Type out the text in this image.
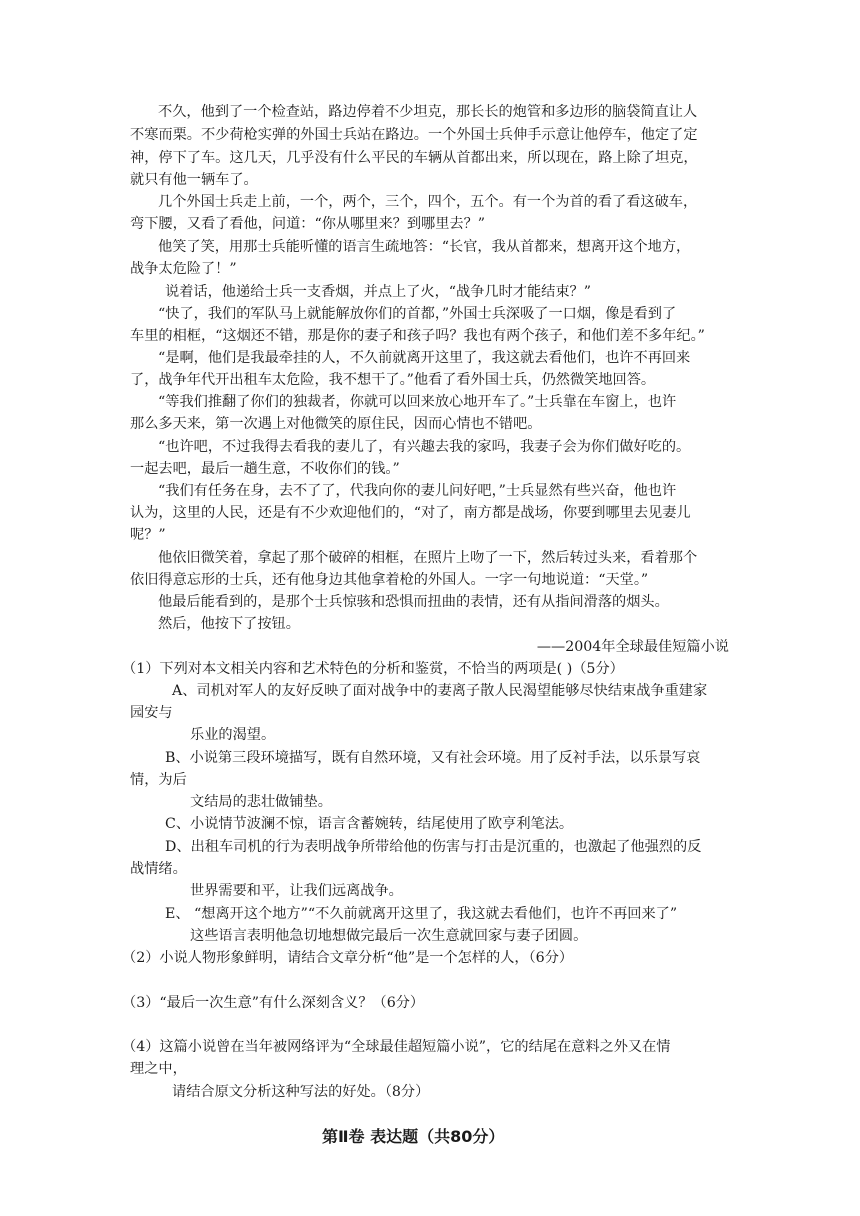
不久，他到了一个检查站，路边停着不少坦克，那长长的炮管和多边形的脑袋简直让人
不寒而栗。不少荷枪实弹的外国士兵站在路边。一个外国士兵伸手示意让他停车，他定了定
神，停下了车。这几天，几乎没有什么平民的车辆从首都出来，所以现在，路上除了坦克，
就只有他一辆车了。
几个外国士兵走上前，一个，两个，三个，四个，五个。有一个为首的看了看这破车，
弯下腰，又看了看他，问道：“你从哪里来？到哪里去？”
他笑了笑，用那士兵能听懂的语言生疏地答：“长官，我从首都来，想离开这个地方，
战争太危险了！”
说着话，他递给士兵一支香烟，并点上了火，“战争几时才能结束？”
“快了，我们的军队马上就能解放你们的首都，”外国士兵深吸了一口烟，像是看到了
车里的相框，“这烟还不错，那是你的妻子和孩子吗？我也有两个孩子，和他们差不多年纪。”
“是啊，他们是我最牵挂的人，不久前就离开这里了，我这就去看他们，也许不再回来
了，战争年代开出租车太危险，我不想干了。”他看了看外国士兵，仍然微笑地回答。
“等我们推翻了你们的独裁者，你就可以回来放心地开车了。”士兵靠在车窗上，也许
那么多天来，第一次遇上对他微笑的原住民，因而心情也不错吧。
“也许吧，不过我得去看我的妻儿了，有兴趣去我的家吗，我妻子会为你们做好吃的。
一起去吧，最后一趟生意，不收你们的钱。”
“我们有任务在身，去不了了，代我向你的妻儿问好吧，”士兵显然有些兴奋，他也许
认为，这里的人民，还是有不少欢迎他们的，“对了，南方都是战场，你要到哪里去见妻儿
呢？”
他依旧微笑着，拿起了那个破碎的相框，在照片上吻了一下，然后转过头来，看着那个
依旧得意忘形的士兵，还有他身边其他拿着枪的外国人。一字一句地说道：“天堂。”
他最后能看到的，是那个士兵惊骇和恐惧而扭曲的表情，还有从指间滑落的烟头。
然后，他按下了按钮。
——2004年全球最佳短篇小说
（1）下列对本文相关内容和艺术特色的分析和鉴赏，不恰当的两项是( )（5分）
A、司机对军人的友好反映了面对战争中的妻离子散人民渴望能够尽快结束战争重建家
园安与
乐业的渴望。
B、小说第三段环境描写，既有自然环境，又有社会环境。用了反衬手法，以乐景写哀
情，为后
文结局的悲壮做铺垫。
C、小说情节波澜不惊，语言含蓄婉转，结尾使用了欧亨利笔法。
D、出租车司机的行为表明战争所带给他的伤害与打击是沉重的，也激起了他强烈的反
战情绪。
世界需要和平，让我们远离战争。
E、 “想离开这个地方”“不久前就离开这里了，我这就去看他们，也许不再回来了”
这些语言表明他急切地想做完最后一次生意就回家与妻子团圆。
（2）小说人物形象鲜明，请结合文章分析“他”是一个怎样的人，（6分）
（3）“最后一次生意”有什么深刻含义？（6分）
（4）这篇小说曾在当年被网络评为“全球最佳超短篇小说”，它的结尾在意料之外又在情
理之中，
请结合原文分析这种写法的好处。（8分）
第Ⅱ卷 表达题（共80分）
